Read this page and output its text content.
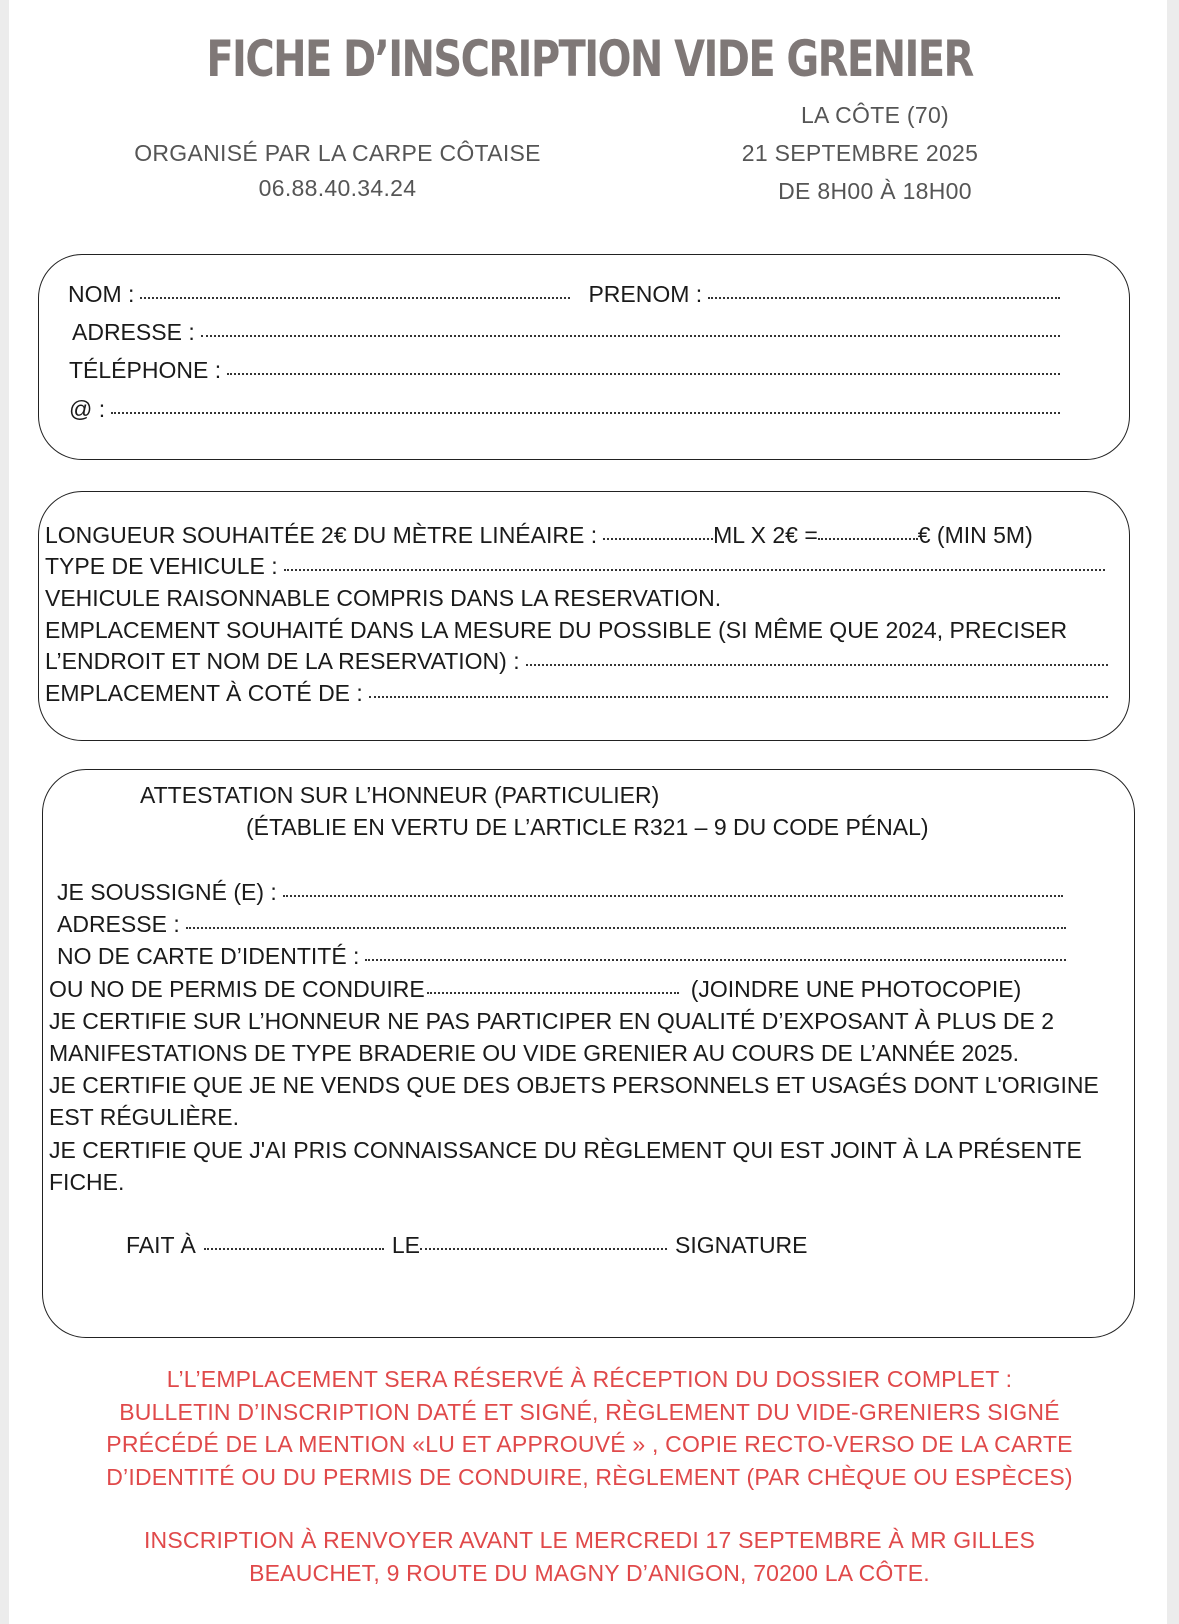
FICHE D’INSCRIPTION VIDE GRENIER
ORGANISÉ PAR LA CARPE CÔTAISE
06.88.40.34.24
LA CÔTE (70)
21 SEPTEMBRE 2025
DE 8H00 À 18H00
NOM :	PRENOM :
ADRESSE :
TÉLÉPHONE :
@ :
LONGUEUR SOUHAITÉE 2€ DU MÈTRE LINÉAIRE :	ML X 2€ =	€ (MIN 5M)
TYPE DE VEHICULE :
VEHICULE RAISONNABLE COMPRIS DANS LA RESERVATION.
EMPLACEMENT SOUHAITÉ DANS LA MESURE DU POSSIBLE (SI MÊME QUE 2024, PRECISER
L’ENDROIT ET NOM DE LA RESERVATION) :
EMPLACEMENT À COTÉ DE :
ATTESTATION SUR L’HONNEUR (PARTICULIER)
(ÉTABLIE EN VERTU DE L’ARTICLE R321 – 9 DU CODE PÉNAL)
JE SOUSSIGNÉ (E) :
ADRESSE :
NO DE CARTE D’IDENTITÉ :
OU NO DE PERMIS DE CONDUIRE	(JOINDRE UNE PHOTOCOPIE)
JE CERTIFIE SUR L’HONNEUR NE PAS PARTICIPER EN QUALITÉ D’EXPOSANT À PLUS DE 2
MANIFESTATIONS DE TYPE BRADERIE OU VIDE GRENIER AU COURS DE L’ANNÉE 2025.
JE CERTIFIE QUE JE NE VENDS QUE DES OBJETS PERSONNELS ET USAGÉS DONT L'ORIGINE
EST RÉGULIÈRE.
JE CERTIFIE QUE J'AI PRIS CONNAISSANCE DU RÈGLEMENT QUI EST JOINT À LA PRÉSENTE
FICHE.
FAIT À	LE	SIGNATURE
L’L’EMPLACEMENT SERA RÉSERVÉ À RÉCEPTION DU DOSSIER COMPLET :
BULLETIN D’INSCRIPTION DATÉ ET SIGNÉ, RÈGLEMENT DU VIDE-GRENIERS SIGNÉ
PRÉCÉDÉ DE LA MENTION «LU ET APPROUVÉ » , COPIE RECTO-VERSO DE LA CARTE
D’IDENTITÉ OU DU PERMIS DE CONDUIRE, RÈGLEMENT (PAR CHÈQUE OU ESPÈCES)
INSCRIPTION À RENVOYER AVANT LE MERCREDI 17 SEPTEMBRE À MR GILLES
BEAUCHET, 9 ROUTE DU MAGNY D’ANIGON, 70200 LA CÔTE.
